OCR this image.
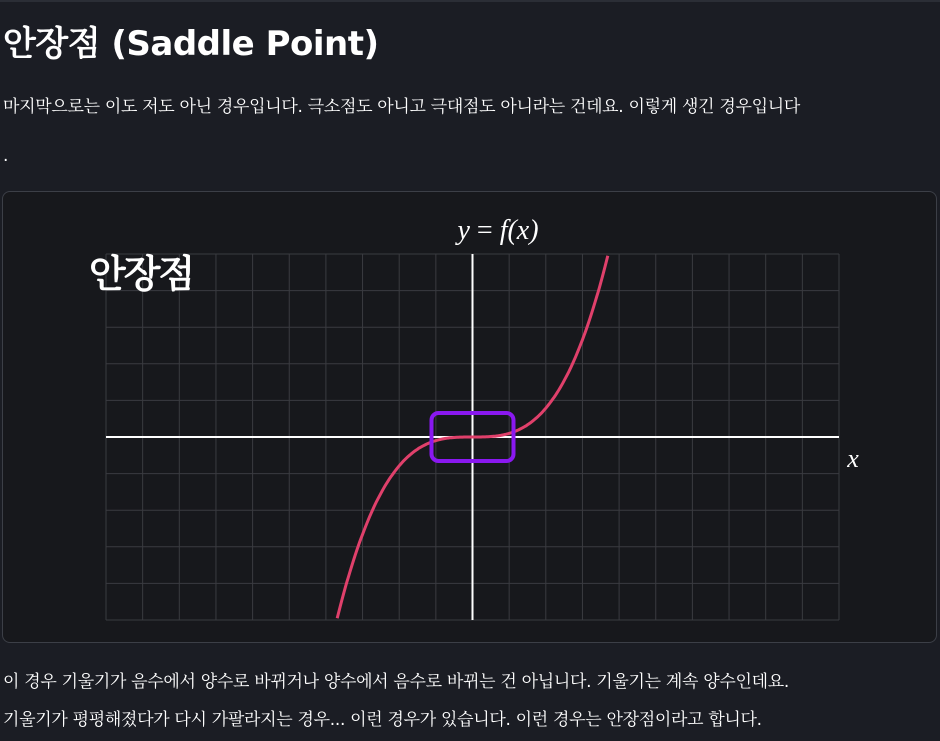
안장점 (Saddle Point)

마지막으로는 이도 저도 아닌 경우입니다. 극소점도 아니고 극대점도 아니라는 건데요. 이렇게 생긴 경우입니다

.

y = f(x)
x
안장점

이 경우 기울기가 음수에서 양수로 바뀌거나 양수에서 음수로 바뀌는 건 아닙니다. 기울기는 계속 양수인데요.

기울기가 평평해졌다가 다시 가팔라지는 경우... 이런 경우가 있습니다. 이런 경우는 안장점이라고 합니다.
